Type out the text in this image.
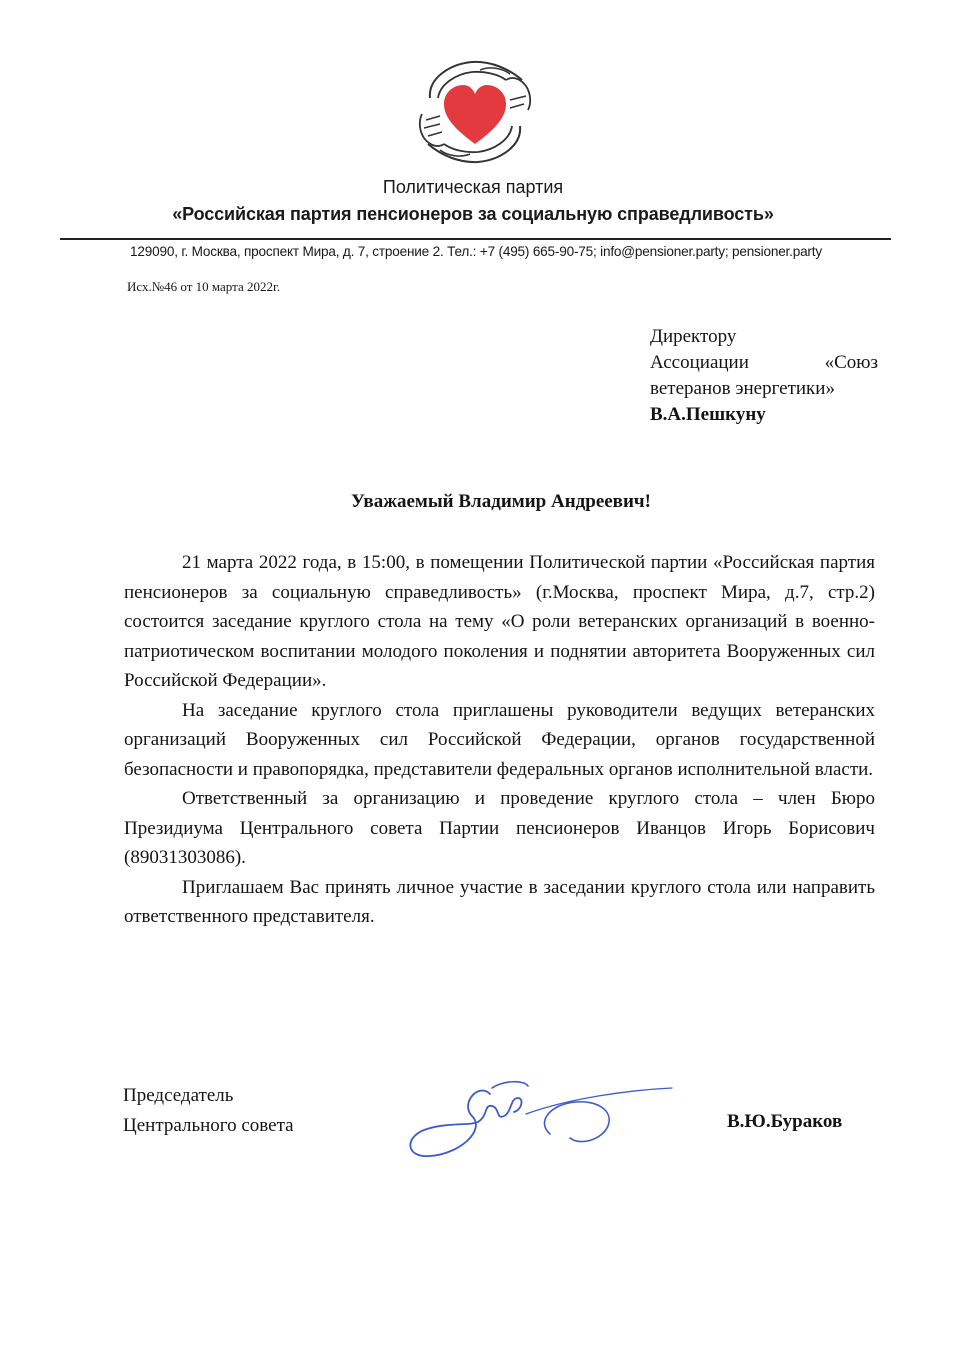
Политическая партия
«Российская партия пенсионеров за социальную справедливость»
129090, г. Москва, проспект Мира, д. 7, строение 2. Тел.: +7 (495) 665-90-75; info@pensioner.party; pensioner.party
Исх.№46 от 10 марта 2022г.
Директору
Ассоциации «Союз
ветеранов энергетики»
В.А.Пешкуну
Уважаемый Владимир Андреевич!

21 марта 2022 года, в 15:00, в помещении Политической партии «Российская партия пенсионеров за социальную справедливость» (г.Москва, проспект Мира, д.7, стр.2) состоится заседание круглого стола на тему «О роли ветеранских организаций в военно-патриотическом воспитании молодого поколения и поднятии авторитета Вооруженных сил Российской Федерации».

На заседание круглого стола приглашены руководители ведущих ветеранских организаций Вооруженных сил Российской Федерации, органов государственной безопасности и правопорядка, представители федеральных органов исполнительной власти.

Ответственный за организацию и проведение круглого стола – член Бюро Президиума Центрального совета Партии пенсионеров Иванцов Игорь Борисович (89031303086).

Приглашаем Вас принять личное участие в заседании круглого стола или направить ответственного представителя.

Председатель
Центрального совета	В.Ю.Бураков
